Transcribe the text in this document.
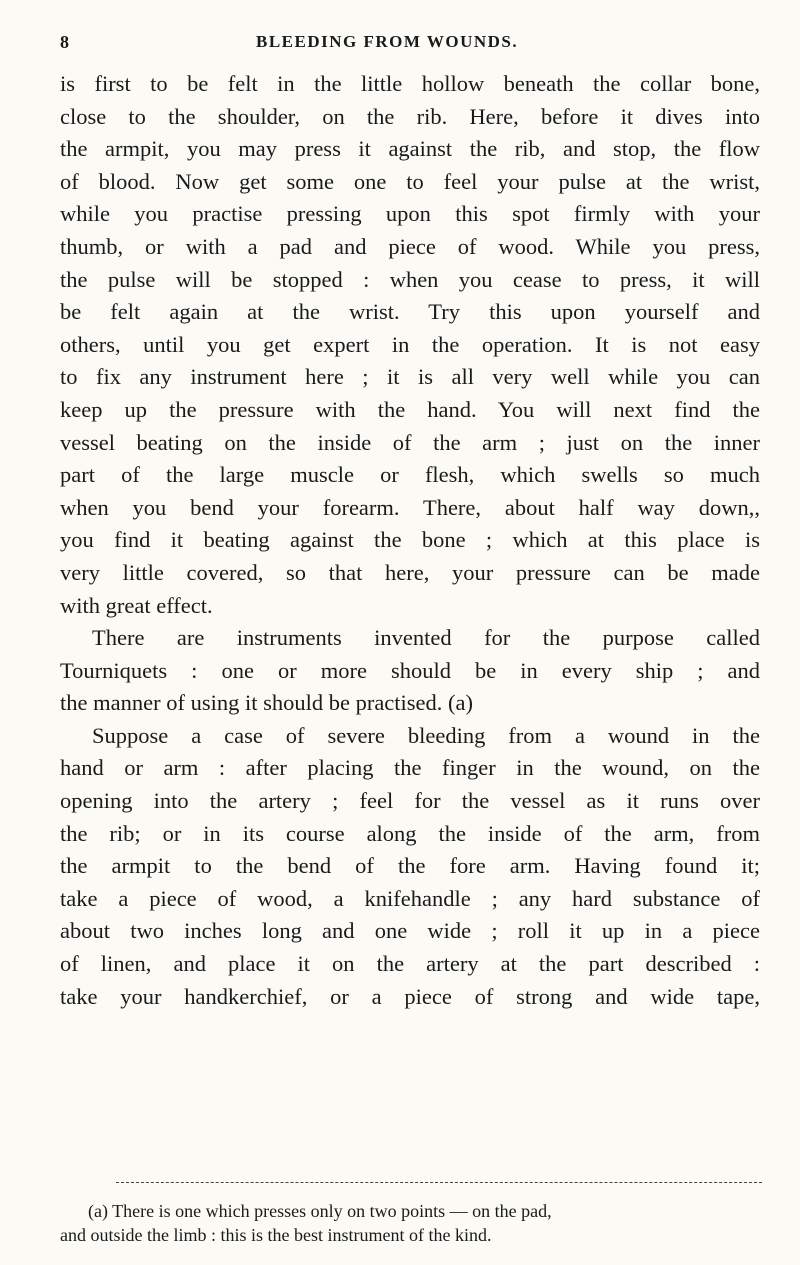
8	BLEEDING FROM WOUNDS.
is first to be felt in the little hollow beneath the collar bone,
close to the shoulder, on the rib. Here, before it dives into
the armpit, you may press it against the rib, and stop, the flow
of blood. Now get some one to feel your pulse at the wrist,
while you practise pressing upon this spot firmly with your
thumb, or with a pad and piece of wood. While you press,
the pulse will be stopped : when you cease to press, it will
be felt again at the wrist. Try this upon yourself and
others, until you get expert in the operation. It is not easy
to fix any instrument here ; it is all very well while you can
keep up the pressure with the hand. You will next find the
vessel beating on the inside of the arm ; just on the inner
part of the large muscle or flesh, which swells so much
when you bend your forearm. There, about half way down,,
you find it beating against the bone ; which at this place is
very little covered, so that here, your pressure can be made
with great effect.
There are instruments invented for the purpose called
Tourniquets : one or more should be in every ship ; and
the manner of using it should be practised. (a)
Suppose a case of severe bleeding from a wound in the
hand or arm : after placing the finger in the wound, on the
opening into the artery ; feel for the vessel as it runs over
the rib; or in its course along the inside of the arm, from
the armpit to the bend of the fore arm. Having found it;
take a piece of wood, a knifehandle ; any hard substance of
about two inches long and one wide ; roll it up in a piece
of linen, and place it on the artery at the part described :
take your handkerchief, or a piece of strong and wide tape,
(a) There is one which presses only on two points — on the pad,
and outside the limb : this is the best instrument of the kind.
